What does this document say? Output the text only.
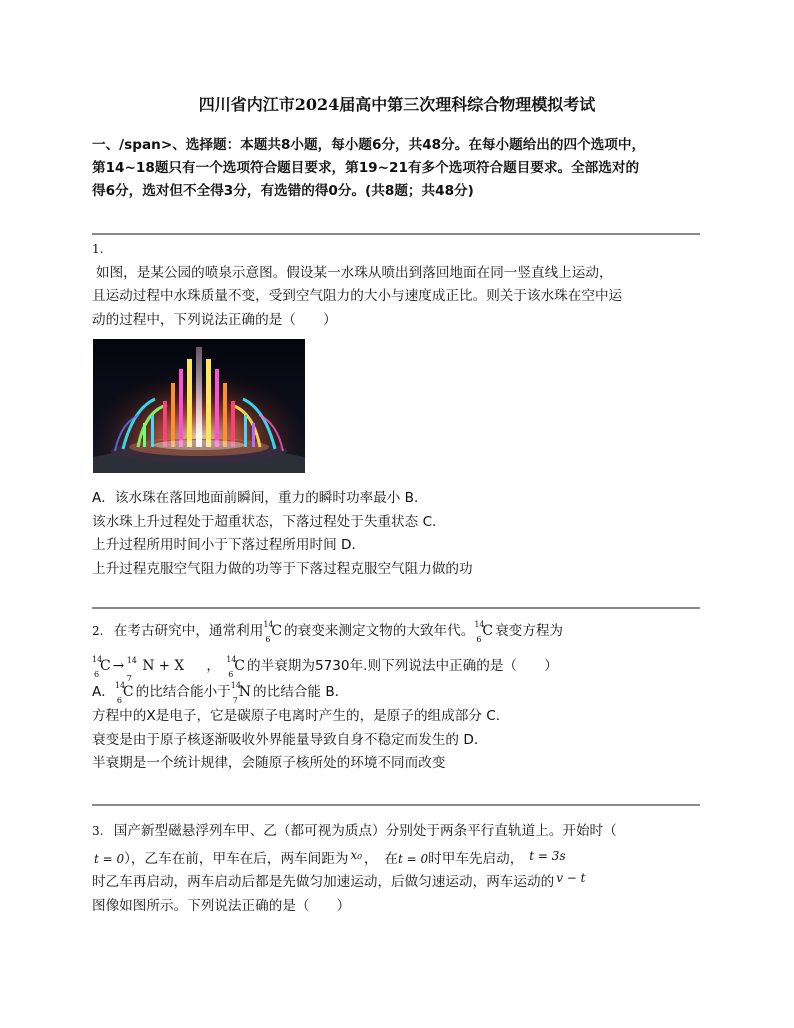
四川省内江市2024届高中第三次理科综合物理模拟考试
一、/span>、选择题：本题共8小题，每小题6分，共48分。在每小题给出的四个选项中，
第14~18题只有一个选项符合题目要求，第19~21有多个选项符合题目要求。全部选对的
得6分，选对但不全得3分，有选错的得0分。(共8题；共48分)
1.
如图，是某公园的喷泉示意图。假设某一水珠从喷出到落回地面在同一竖直线上运动，
且运动过程中水珠质量不变，受到空气阻力的大小与速度成正比。则关于该水珠在空中运
动的过程中，下列说法正确的是（　　）
A．该水珠在落回地面前瞬间，重力的瞬时功率最小 B．
该水珠上升过程处于超重状态，下落过程处于失重状态 C．
上升过程所用时间小于下落过程所用时间 D．
上升过程克服空气阻力做的功等于下落过程克服空气阻力做的功
2. 在考古研究中，通常利用 14
6
C 的衰变来测定文物的大致年代。 14
6
C 衰变方程为
14
6
C → 14
7
N + X ， 14
6
C 的半衰期为5730年.则下列说法中正确的是（　　）
A． 14
6
C 的比结合能小于 14
7
N 的比结合能 B．
方程中的X是电子，它是碳原子电离时产生的，是原子的组成部分 C．
衰变是由于原子核逐渐吸收外界能量导致自身不稳定而发生的 D．
半衰期是一个统计规律，会随原子核所处的环境不同而改变
3. 国产新型磁悬浮列车甲、乙（都可视为质点）分别处于两条平行直轨道上。开始时（
t = 0），乙车在前，甲车在后，两车间距为 x₀ ，　在t = 0时甲车先启动， t = 3s
时乙车再启动，两车启动后都是先做匀加速运动，后做匀速运动，两车运动的 v − t
图像如图所示。下列说法正确的是（　　）
